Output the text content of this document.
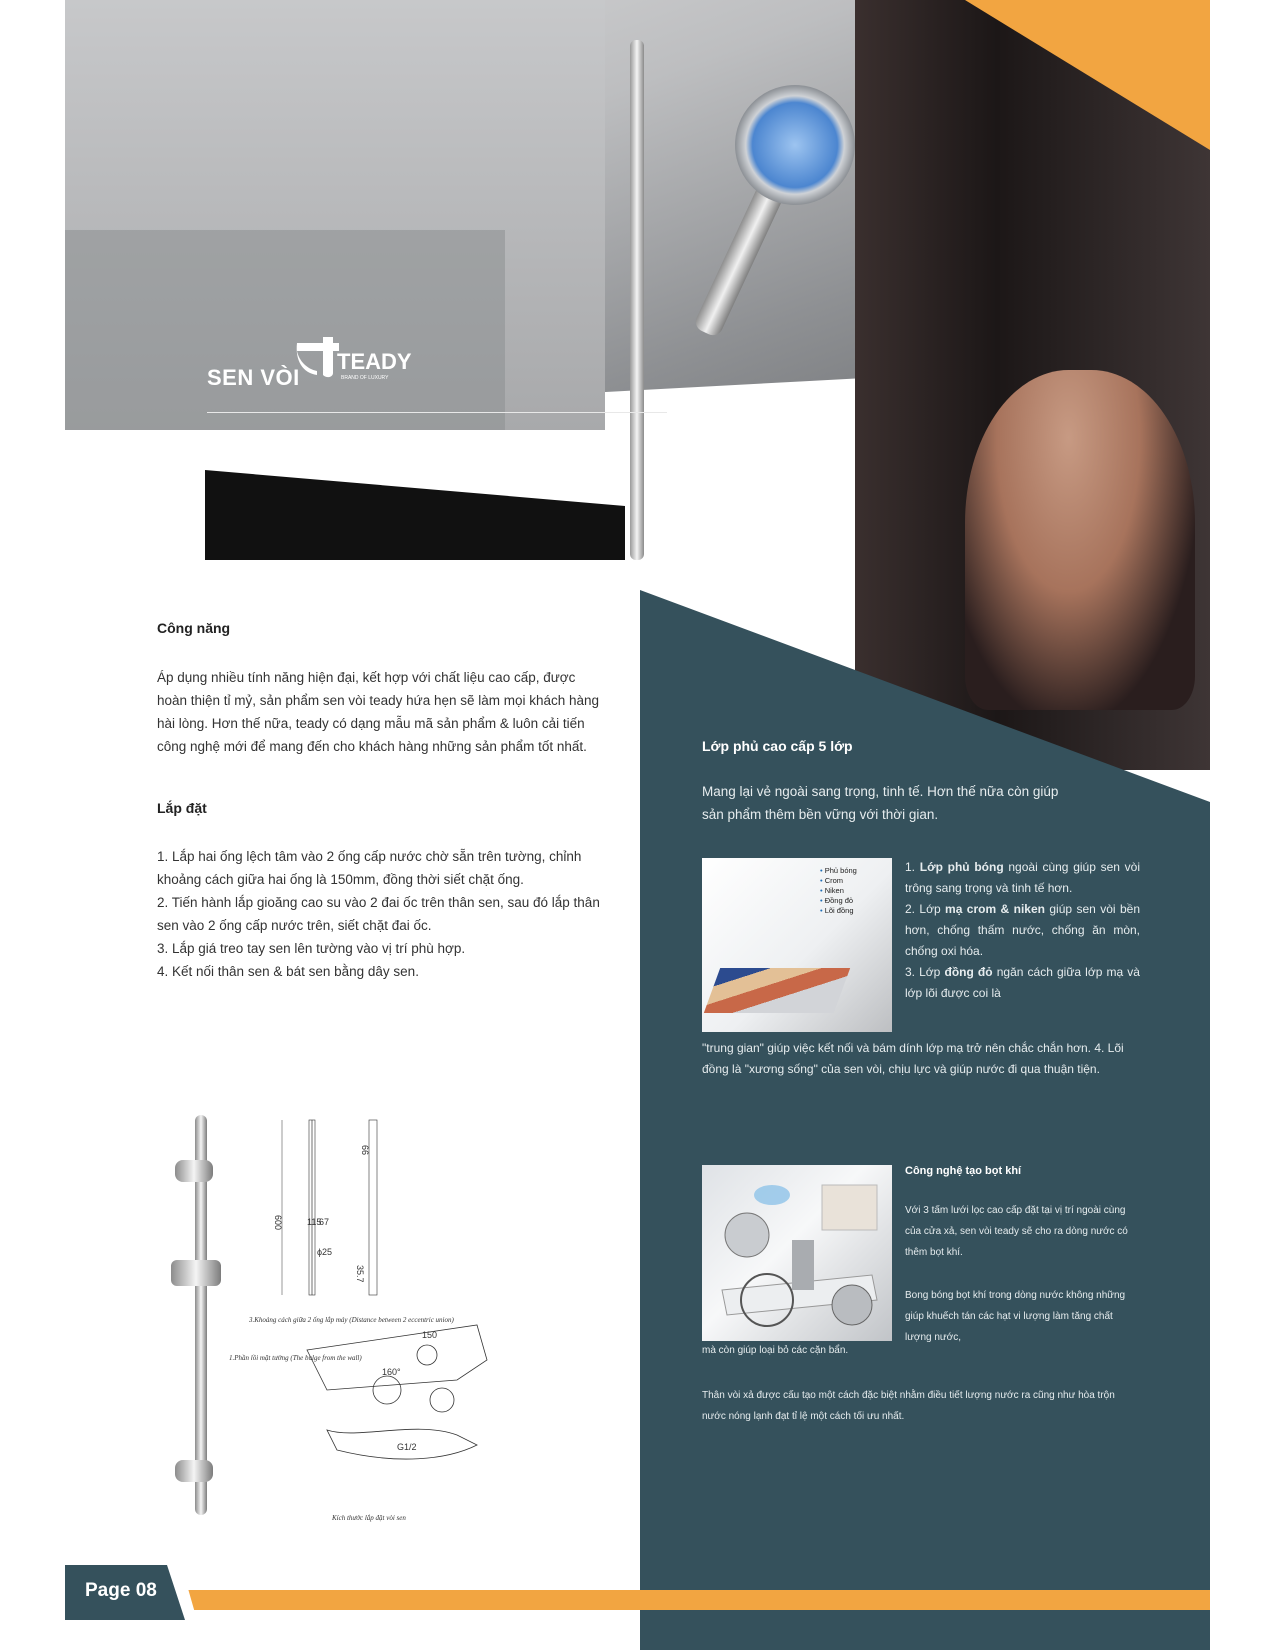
SEN VÒI
TEADY
BRAND OF LUXURY
ĐẲNG CẤP - SANG TRỌNG - TINH TẾ
Công năng
Áp dụng nhiều tính năng hiện đại, kết hợp với chất liệu cao cấp, được hoàn thiện tỉ mỷ, sản phẩm sen vòi teady hứa hẹn sẽ làm mọi khách hàng hài lòng. Hơn thế nữa, teady có dạng mẫu mã sản phẩm & luôn cải tiến công nghệ mới để mang đến cho khách hàng những sản phẩm tốt nhất.
Lắp đặt
1. Lắp hai ống lệch tâm vào 2 ống cấp nước chờ sẵn trên tường, chỉnh khoảng cách giữa hai ống là 150mm, đồng thời siết chặt ống.
2. Tiến hành lắp gioăng cao su vào 2 đai ốc trên thân sen, sau đó lắp thân sen vào 2 ống cấp nước trên, siết chặt đai ốc.
3. Lắp giá treo tay sen lên tường vào vị trí phù hợp.
4. Kết nối thân sen & bát sen bằng dây sen.
600	115
67
ϕ25
66
35.7
150
160°
G1/2
3.Khoảng cách giữa 2 ống lắp máy (Distance between 2 eccentric union)
1.Phần lồi mặt tường (The bulge from the wall)
Kích thước lắp đặt vòi sen
Lớp phủ cao cấp 5 lớp
Mang lại vẻ ngoài sang trọng, tinh tế. Hơn thế nữa còn giúp sản phẩm thêm bền vững với thời gian.
• Phủ bóng
• Crom
• Niken
• Đồng đỏ
• Lõi đồng
1. Lớp phủ bóng ngoài cùng giúp sen vòi trông sang trọng và tinh tế hơn.
2. Lớp mạ crom & niken giúp sen vòi bền hơn, chống thấm nước, chống ăn mòn, chống oxi hóa.
3. Lớp đồng đỏ ngăn cách giữa lớp mạ và lớp lõi được coi là
"trung gian" giúp việc kết nối và bám dính lớp mạ trở nên chắc chắn hơn. 4. Lõi đồng là "xương sống" của sen vòi, chịu lực và giúp nước đi qua thuận tiện.
Công nghệ tạo bọt khí
Với 3 tấm lưới lọc cao cấp đặt tại vị trí ngoài cùng của cửa xả, sen vòi teady sẽ cho ra dòng nước có thêm bọt khí.
Bong bóng bọt khí trong dòng nước không những giúp khuếch tán các hạt vi lượng làm tăng chất lượng nước,
mà còn giúp loại bỏ các cặn bẩn.
Thân vòi xả được cấu tạo một cách đặc biệt nhằm điều tiết lượng nước ra cũng như hòa trộn nước nóng lạnh đạt tỉ lệ một cách tối ưu nhất.
Page 08
